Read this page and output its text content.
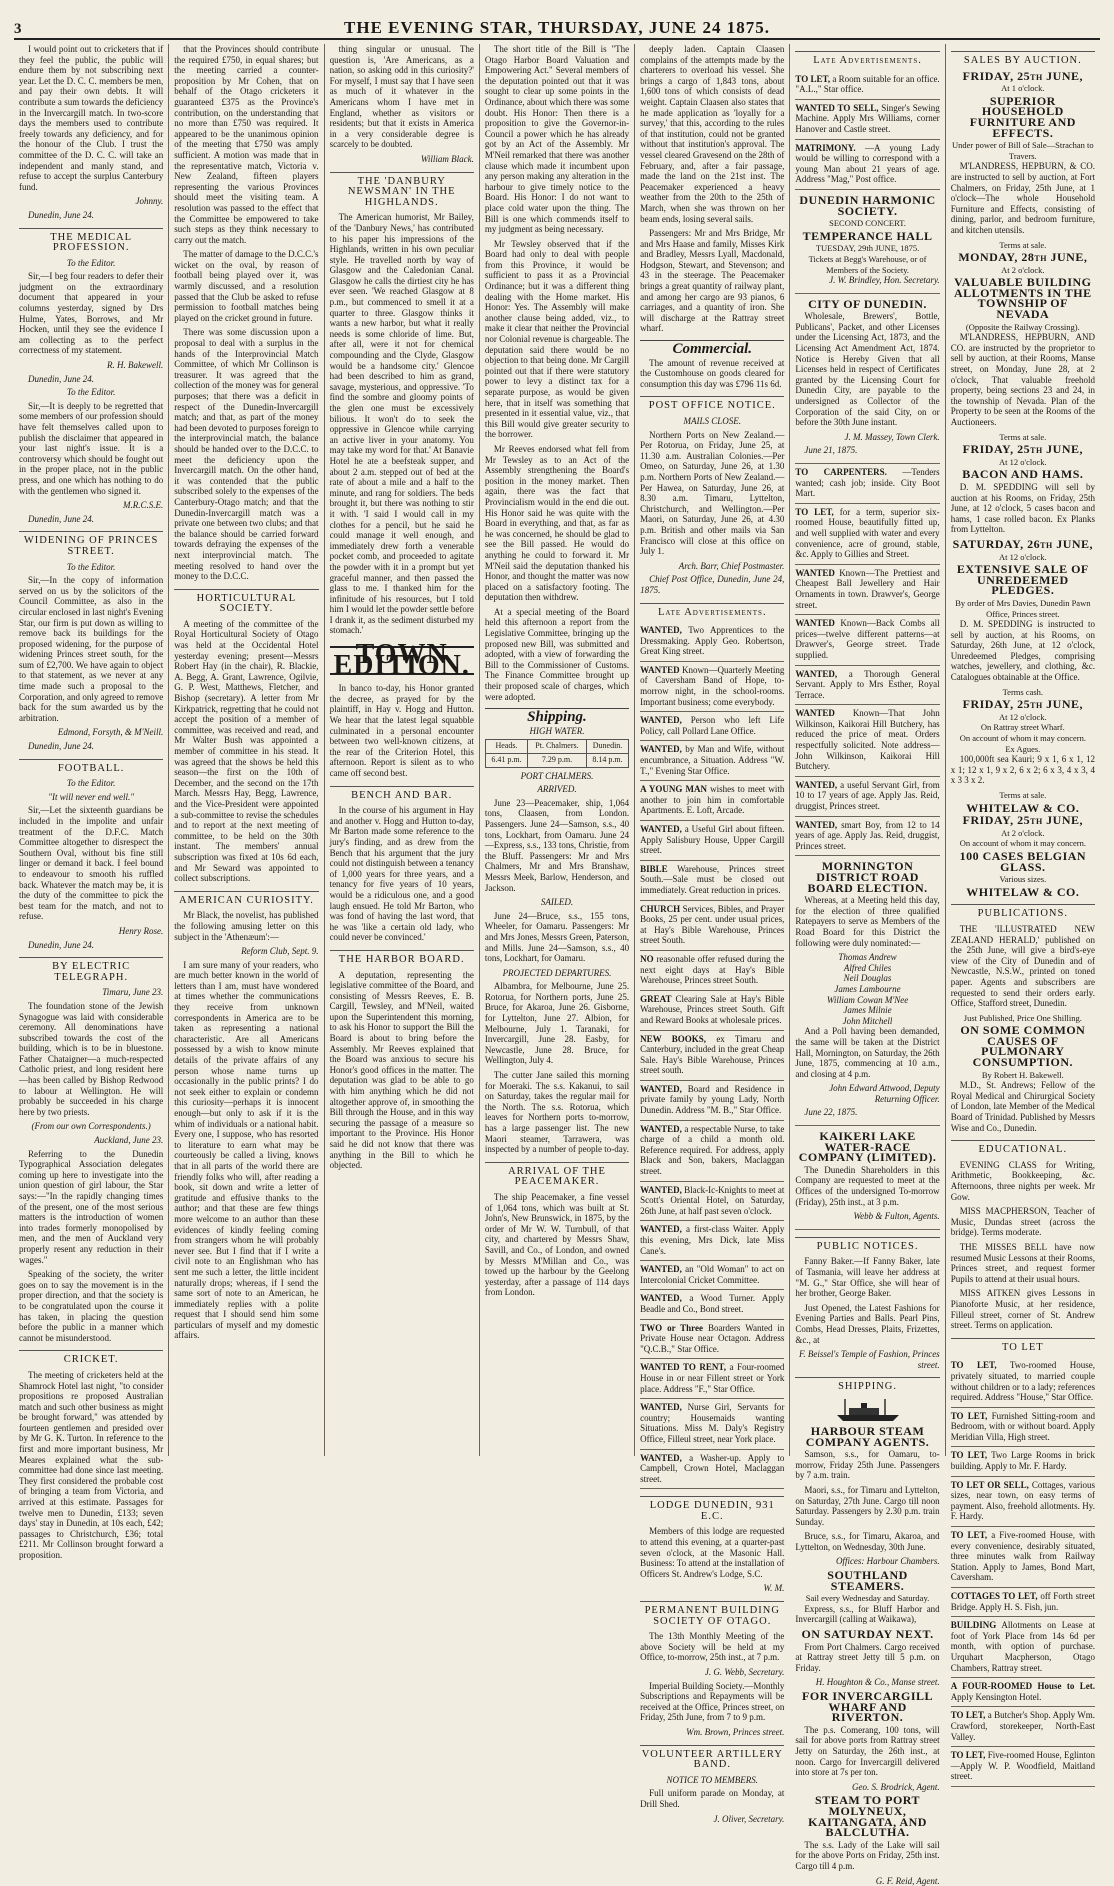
3	THE EVENING STAR, THURSDAY, JUNE 24 1875.

I would point out to cricketers that if they feel the public, the public will endure them by not subscribing next year. Let the D. C. C. members be men, and pay their own debts. It will contribute a sum towards the deficiency in the Invercargill match. In two-score days the members used to contribute freely towards any deficiency, and for the honour of the Club. I trust the committee of the D. C. C. will take an independent and manly stand, and refuse to accept the surplus Canterbury fund.

Johnny.
Dunedin, June 24.
THE MEDICAL PROFESSION.
To the Editor.

Sir,—I beg four readers to defer their judgment on the extraordinary document that appeared in your columns yesterday, signed by Drs Hulme, Yates, Borrows, and Mr Hocken, until they see the evidence I am collecting as to the perfect correctness of my statement.

R. H. Bakewell.
Dunedin, June 24.
To the Editor.

Sir,—It is deeply to be regretted that some members of our profession should have felt themselves called upon to publish the disclaimer that appeared in your last night's issue. It is a controversy which should be fought out in the proper place, not in the public press, and one which has nothing to do with the gentlemen who signed it.

M.R.C.S.E.
Dunedin, June 24.
WIDENING OF PRINCES STREET.
To the Editor.

Sir,—In the copy of information served on us by the solicitors of the Council Committee, as also in the circular enclosed in last night's Evening Star, our firm is put down as willing to remove back its buildings for the proposed widening, for the purpose of widening Princes street south, for the sum of £2,700. We have again to object to that statement, as we never at any time made such a proposal to the Corporation, and only agreed to remove back for the sum awarded us by the arbitration.

Edmond, Forsyth, & M'Neill.
Dunedin, June 24.
FOOTBALL.
To the Editor.
"It will never end well."

Sir,—Let the sixteenth guardians be included in the impolite and unfair treatment of the D.F.C. Match Committee altogether to disrespect the Southern Oval, without bis fine still linger or demand it back. I feel bound to endeavour to smooth his ruffled back. Whatever the match may be, it is the duty of the committee to pick the best team for the match, and not to refuse.

Henry Rose.
Dunedin, June 24.
BY ELECTRIC TELEGRAPH.
Timaru, June 23.

The foundation stone of the Jewish Synagogue was laid with considerable ceremony. All denominations have subscribed towards the cost of the building, which is to be in bluestone. Father Chataigner—a much-respected Catholic priest, and long resident here—has been called by Bishop Redwood to labour at Wellington. He will probably be succeeded in his charge here by two priests.

(From our own Correspondents.)
Auckland, June 23.

Referring to the Dunedin Typographical Association delegates coming up here to investigate into the union question of girl labour, the Star says:—"In the rapidly changing times of the present, one of the most serious matters is the introduction of women into trades formerly monopolised by men, and the men of Auckland very properly resent any reduction in their wages."

Speaking of the society, the writer goes on to say the movement is in the proper direction, and that the society is to be congratulated upon the course it has taken, in placing the question before the public in a manner which cannot be misunderstood.

CRICKET.

The meeting of cricketers held at the Shamrock Hotel last night, "to consider propositions re proposed Australian match and such other business as might be brought forward," was attended by fourteen gentlemen and presided over by Mr G. K. Turton. In reference to the first and more important business, Mr Meares explained what the sub-committee had done since last meeting. They first considered the probable cost of bringing a team from Victoria, and arrived at this estimate. Passages for twelve men to Dunedin, £133; seven days' stay in Dunedin, at 10s each, £42; passages to Christchurch, £36; total £211. Mr Collinson brought forward a proposition.

that the Provinces should contribute the required £750, in equal shares; but the meeting carried a counter-proposition by Mr Cohen, that on behalf of the Otago cricketers it guaranteed £375 as the Province's contribution, on the understanding that no more than £750 was required. It appeared to be the unanimous opinion of the meeting that £750 was amply sufficient. A motion was made that in the representative match, Victoria v. New Zealand, fifteen players representing the various Provinces should meet the visiting team. A resolution was passed to the effect that the Committee be empowered to take such steps as they think necessary to carry out the match.

The matter of damage to the D.C.C.'s wicket on the oval, by reason of football being played over it, was warmly discussed, and a resolution passed that the Club be asked to refuse permission to football matches being played on the cricket ground in future.

There was some discussion upon a proposal to deal with a surplus in the hands of the Interprovincial Match Committee, of which Mr Collinson is treasurer. It was agreed that the collection of the money was for general purposes; that there was a deficit in respect of the Dunedin-Invercargill match; and that, as part of the money had been devoted to purposes foreign to the interprovincial match, the balance should be handed over to the D.C.C. to meet the deficiency upon the Invercargill match. On the other hand, it was contended that the public subscribed solely to the expenses of the Canterbury-Otago match; and that the Dunedin-Invercargill match was a private one between two clubs; and that the balance should be carried forward towards defraying the expenses of the next interprovincial match. The meeting resolved to hand over the money to the D.C.C.

HORTICULTURAL SOCIETY.

A meeting of the committee of the Royal Horticultural Society of Otago was held at the Occidental Hotel yesterday evening; present—Messrs Robert Hay (in the chair), R. Blackie, A. Begg, A. Grant, Lawrence, Ogilvie, G. P. West, Matthews, Fletcher, and Bishop (secretary). A letter from Mr Kirkpatrick, regretting that he could not accept the position of a member of committee, was received and read, and Mr Walter Bush was appointed a member of committee in his stead. It was agreed that the shows be held this season—the first on the 10th of December, and the second on the 17th March. Messrs Hay, Begg, Lawrence, and the Vice-President were appointed a sub-committee to revise the schedules and to report at the next meeting of committee, to be held on the 30th instant. The members' annual subscription was fixed at 10s 6d each, and Mr Seward was appointed to collect subscriptions.

AMERICAN CURIOSITY.

Mr Black, the novelist, has published the following amusing letter on this subject in the 'Athenæum':—

Reform Club, Sept. 9.

I am sure many of your readers, who are much better known in the world of letters than I am, must have wondered at times whether the communications they receive from unknown correspondents in America are to be taken as representing a national characteristic. Are all Americans possessed by a wish to know minute details of the private affairs of any person whose name turns up occasionally in the public prints? I do not seek either to explain or condemn this curiosity—perhaps it is innocent enough—but only to ask if it is the whim of individuals or a national habit. Every one, I suppose, who has resorted to literature to earn what may be courteously be called a living, knows that in all parts of the world there are friendly folks who will, after reading a book, sit down and write a letter of gratitude and effusive thanks to the author; and that these are few things more welcome to an author than these evidences of kindly feeling coming from strangers whom he will probably never see. But I find that if I write a civil note to an Englishman who has sent me such a letter, the little incident naturally drops; whereas, if I send the same sort of note to an American, he immediately replies with a polite request that I should send him some particulars of myself and my domestic affairs.

thing singular or unusual. The question is, 'Are Americans, as a nation, so asking odd in this curiosity?' For myself, I must say that I have seen as much of it whatever in the Americans whom I have met in England, whether as visitors or residents; but that it exists in America in a very considerable degree is scarcely to be doubted.

William Black.
THE 'DANBURY NEWSMAN' IN THE HIGHLANDS.

The American humorist, Mr Bailey, of the 'Danbury News,' has contributed to his paper his impressions of the Highlands, written in his own peculiar style. He travelled north by way of Glasgow and the Caledonian Canal. Glasgow he calls the dirtiest city he has ever seen. 'We reached Glasgow at 8 p.m., but commenced to smell it at a quarter to three. Glasgow thinks it wants a new harbor, but what it really needs is some chloride of lime. But, after all, were it not for chemical compounding and the Clyde, Glasgow would be a handsome city.' Glencoe had been described to him as grand, savage, mysterious, and oppressive. 'To find the sombre and gloomy points of the glen one must be excessively bilious. It won't do to seek the oppressive in Glencoe while carrying an active liver in your anatomy. You may take my word for that.' At Banavie Hotel he ate a beefsteak supper, and about 2 a.m. stepped out of bed at the rate of about a mile and a half to the minute, and rang for soldiers. The beds brought it, but there was nothing to stir it with. 'I said I would call in my clothes for a pencil, but he said he could manage it well enough, and immediately drew forth a venerable pocket comb, and proceeded to agitate the powder with it in a prompt but yet graceful manner, and then passed the glass to me. I thanked him for the infinitude of his resources, but I told him I would let the powder settle before I drank it, as the sediment disturbed my stomach.'

TOWN EDITION.

In banco to-day, his Honor granted the decree, as prayed for by the plaintiff, in Hay v. Hogg and Hutton. We hear that the latest legal squabble culminated in a personal encounter between two well-known citizens, at the rear of the Criterion Hotel, this afternoon. Report is silent as to who came off second best.

BENCH AND BAR.

In the course of his argument in Hay and another v. Hogg and Hutton to-day, Mr Barton made some reference to the jury's finding, and as drew from the Bench that his argument that the jury could not distinguish between a tenancy of 1,000 years for three years, and a tenancy for five years of 10 years, would be a ridiculous one, and a good laugh ensued. He told Mr Barton, who was fond of having the last word, that he was 'like a certain old lady, who could never be convinced.'

THE HARBOR BOARD.

A deputation, representing the legislative committee of the Board, and consisting of Messrs Reeves, E. B. Cargill, Tewsley, and M'Neil, waited upon the Superintendent this morning, to ask his Honor to support the Bill the Board is about to bring before the Assembly. Mr Reeves explained that the Board was anxious to secure his Honor's good offices in the matter. The deputation was glad to be able to go with him anything which he did not altogether approve of, in smoothing the Bill through the House, and in this way securing the passage of a measure so important to the Province. His Honor said he did not know that there was anything in the Bill to which he objected.

The short title of the Bill is "The Otago Harbor Board Valuation and Empowering Act." Several members of the deputation pointed out that it was sought to clear up some points in the Ordinance, about which there was some doubt. His Honor: Then there is a proposition to give the Governor-in-Council a power which he has already got by an Act of the Assembly. Mr M'Neil remarked that there was another clause which made it incumbent upon any person making any alteration in the harbour to give timely notice to the Board. His Honor: I do not want to place cold water upon the thing. The Bill is one which commends itself to my judgment as being necessary.

Mr Tewsley observed that if the Board had only to deal with people from this Province, it would be sufficient to pass it as a Provincial Ordinance; but it was a different thing dealing with the Home market. His Honor: Yes. The Assembly will make another clause being added, viz., to make it clear that neither the Provincial nor Colonial revenue is chargeable. The deputation said there would be no objection to that being done. Mr Cargill pointed out that if there were statutory power to levy a distinct tax for a separate purpose, as would be given here, that in itself was something that presented in it essential value, viz., that this Bill would give greater security to the borrower.

Mr Reeves endorsed what fell from Mr Tewsley as to an Act of the Assembly strengthening the Board's position in the money market. Then again, there was the fact that Provincialism would in the end die out. His Honor said he was quite with the Board in everything, and that, as far as he was concerned, he should be glad to see the Bill passed. He would do anything he could to forward it. Mr M'Neil said the deputation thanked his Honor, and thought the matter was now placed on a satisfactory footing. The deputation then withdrew.

At a special meeting of the Board held this afternoon a report from the Legislative Committee, bringing up the proposed new Bill, was submitted and adopted, with a view of forwarding the Bill to the Commissioner of Customs. The Finance Committee brought up their proposed scale of charges, which were adopted.

Shipping.
HIGH WATER.
Heads.	Pt. Chalmers.	Dunedin.
6.41 p.m.	7.29 p.m.	8.14 p.m.
PORT CHALMERS.
ARRIVED.

June 23—Peacemaker, ship, 1,064 tons, Claasen, from London. Passengers. June 24—Samson, s.s., 40 tons, Lockhart, from Oamaru. June 24—Express, s.s., 133 tons, Christie, from the Bluff. Passengers: Mr and Mrs Chalmers, Mr and Mrs Branshaw, Messrs Meek, Barlow, Henderson, and Jackson.

SAILED.

June 24—Bruce, s.s., 155 tons, Wheeler, for Oamaru. Passengers: Mr and Mrs Jones, Messrs Green, Paterson, and Mills. June 24—Samson, s.s., 40 tons, Lockhart, for Oamaru.

PROJECTED DEPARTURES.

Albambra, for Melbourne, June 25. Rotorua, for Northern ports, June 25. Bruce, for Akaroa, June 26. Gisborne, for Lyttelton, June 27. Albion, for Melbourne, July 1. Taranaki, for Invercargill, June 28. Easby, for Newcastle, June 28. Bruce, for Wellington, July 4.

The cutter Jane sailed this morning for Moeraki. The s.s. Kakanui, to sail on Saturday, takes the regular mail for the North. The s.s. Rotorua, which leaves for Northern ports to-morrow, has a large passenger list. The new Maori steamer, Tarrawera, was inspected by a number of people to-day.

ARRIVAL OF THE PEACEMAKER.

The ship Peacemaker, a fine vessel of 1,064 tons, which was built at St. John's, New Brunswick, in 1875, by the order of Mr W. W. Turnbull, of that city, and chartered by Messrs Shaw, Savill, and Co., of London, and owned by Messrs M'Millan and Co., was towed up the harbour by the Geelong yesterday, after a passage of 114 days from London.

deeply laden. Captain Claasen complains of the attempts made by the charterers to overload his vessel. She brings a cargo of 1,843 tons, about 1,600 tons of which consists of dead weight. Captain Claasen also states that he made application as 'loyally for a survey,' that this, according to the rules of that institution, could not be granted without that institution's approval. The vessel cleared Gravesend on the 28th of February, and, after a fair passage, made the land on the 21st inst. The Peacemaker experienced a heavy weather from the 20th to the 25th of March, when she was thrown on her beam ends, losing several sails.

Passengers: Mr and Mrs Bridge, Mr and Mrs Haase and family, Misses Kirk and Bradley, Messrs Lyall, Macdonald, Hodgson, Stewart, and Stevenson; and 43 in the steerage. The Peacemaker brings a great quantity of railway plant, and among her cargo are 93 pianos, 6 carriages, and a quantity of iron. She will discharge at the Rattray street wharf.

Commercial.

The amount of revenue received at the Customhouse on goods cleared for consumption this day was £796 11s 6d.

POST OFFICE NOTICE.
MAILS CLOSE.

Northern Ports on New Zealand.—Per Rotorua, on Friday, June 25, at 11.30 a.m. Australian Colonies.—Per Omeo, on Saturday, June 26, at 1.30 p.m. Northern Ports of New Zealand.—Per Hawea, on Saturday, June 26, at 8.30 a.m. Timaru, Lyttelton, Christchurch, and Wellington.—Per Maori, on Saturday, June 26, at 4.30 p.m. British and other mails via San Francisco will close at this office on July 1.

Arch. Barr, Chief Postmaster.
Chief Post Office, Dunedin, June 24, 1875.
Late Advertisements.
WANTED, Two Apprentices to the Dressmaking. Apply Geo. Robertson, Great King street.
WANTED Known—Quarterly Meeting of Caversham Band of Hope, to-morrow night, in the school-rooms. Important business; come everybody.
WANTED, Person who left Life Policy, call Pollard Lane Office.
WANTED, by Man and Wife, without encumbrance, a Situation. Address "W. T.," Evening Star Office.
A YOUNG MAN wishes to meet with another to join him in comfortable Apartments. E. Loft, Arcade.
WANTED, a Useful Girl about fifteen. Apply Salisbury House, Upper Cargill street.
BIBLE Warehouse, Princes street South.—Sale must be closed out immediately. Great reduction in prices.
CHURCH Services, Bibles, and Prayer Books, 25 per cent. under usual prices, at Hay's Bible Warehouse, Princes street South.
NO reasonable offer refused during the next eight days at Hay's Bible Warehouse, Princes street South.
GREAT Clearing Sale at Hay's Bible Warehouse, Princes street South. Gift and Reward Books at wholesale prices.
NEW BOOKS, ex Timaru and Canterbury, included in the great Cheap Sale. Hay's Bible Warehouse, Princes street south.
WANTED, Board and Residence in private family by young Lady, North Dunedin. Address "M. B.," Star Office.
WANTED, a respectable Nurse, to take charge of a child a month old. Reference required. For address, apply Black and Son, bakers, Maclaggan street.
WANTED, Black-Ic-Knights to meet at Scott's Oriental Hotel, on Saturday, 26th June, at half past seven o'clock.
WANTED, a first-class Waiter. Apply this evening, Mrs Dick, late Miss Cane's.
WANTED, an "Old Woman" to act on Intercolonial Cricket Committee.
WANTED, a Wood Turner. Apply Beadle and Co., Bond street.
TWO or Three Boarders Wanted in Private House near Octagon. Address "Q.C.B.," Star Office.
WANTED TO RENT, a Four-roomed House in or near Fillent street or York place. Address "F.," Star Office.
WANTED, Nurse Girl, Servants for country; Housemaids wanting Situations. Miss M. Daly's Registry Office, Filleul street, near York place.
WANTED, a Washer-up. Apply to Campbell, Crown Hotel, Maclaggan street.
LODGE DUNEDIN, 931 E.C.

Members of this lodge are requested to attend this evening, at a quarter-past seven o'clock, at the Masonic Hall. Business: To attend at the installation of Officers St. Andrew's Lodge, S.C.

W. M.
PERMANENT BUILDING SOCIETY OF OTAGO.

The 13th Monthly Meeting of the above Society will be held at my Office, to-morrow, 25th inst., at 7 p.m.

J. G. Webb, Secretary.

Imperial Building Society.—Monthly Subscriptions and Repayments will be received at the Office, Princes street, on Friday, 25th June, from 7 to 9 p.m.

Wm. Brown, Princes street.
VOLUNTEER ARTILLERY BAND.
NOTICE TO MEMBERS.

Full uniform parade on Monday, at Drill Shed.

J. Oliver, Secretary.
Late Advertisements.
TO LET, a Room suitable for an office. "A.L.," Star office.
WANTED TO SELL, Singer's Sewing Machine. Apply Mrs Williams, corner Hanover and Castle street.
MATRIMONY. —A young Lady would be willing to correspond with a young Man about 21 years of age. Address "Mag," Post office.
DUNEDIN HARMONIC SOCIETY.
SECOND CONCERT.
TEMPERANCE HALL
TUESDAY, 29th JUNE, 1875.
Tickets at Begg's Warehouse, or of Members of the Society.
J. W. Brindley, Hon. Secretary.
CITY OF DUNEDIN.

Wholesale, Brewers', Bottle, Publicans', Packet, and other Licenses under the Licensing Act, 1873, and the Licensing Act Amendment Act, 1874. Notice is Hereby Given that all Licenses held in respect of Certificates granted by the Licensing Court for Dunedin City, are payable to the undersigned as Collector of the Corporation of the said City, on or before the 30th June instant.

J. M. Massey, Town Clerk.
June 21, 1875.
TO CARPENTERS. —Tenders wanted; cash job; inside. City Boot Mart.
TO LET, for a term, superior six-roomed House, beautifully fitted up, and well supplied with water and every convenience, acre of ground, stable, &c. Apply to Gillies and Street.
WANTED Known—The Prettiest and Cheapest Ball Jewellery and Hair Ornaments in town. Drawver's, George street.
WANTED Known—Back Combs all prices—twelve different patterns—at Drawver's, George street. Trade supplied.
WANTED, a Thorough General Servant. Apply to Mrs Esther, Royal Terrace.
WANTED Known—That John Wilkinson, Kaikorai Hill Butchery, has reduced the price of meat. Orders respectfully solicited. Note address—John Wilkinson, Kaikorai Hill Butchery.
WANTED, a useful Servant Girl, from 10 to 17 years of age. Apply Jas. Reid, druggist, Princes street.
WANTED, smart Boy, from 12 to 14 years of age. Apply Jas. Reid, druggist, Princes street.
MORNINGTON DISTRICT ROAD BOARD ELECTION.

Whereas, at a Meeting held this day, for the election of three qualified Ratepayers to serve as Members of the Road Board for this District the following were duly nominated:—

Thomas Andrew
Alfred Chiles
Neil Douglas
James Lambourne
William Cowan M'Nee
James Milnie
John Mitchell

And a Poll having been demanded, the same will be taken at the District Hall, Mornington, on Saturday, the 26th June, 1875, commencing at 10 a.m., and closing at 4 p.m.

John Edward Attwood, Deputy Returning Officer.
June 22, 1875.
KAIKERI LAKE WATER-RACE COMPANY (LIMITED).

The Dunedin Shareholders in this Company are requested to meet at the Offices of the undersigned To-morrow (Friday), 25th inst., at 3 p.m.

Webb & Fulton, Agents.
PUBLIC NOTICES.

Fanny Baker.—If Fanny Baker, late of Tasmania, will leave her address at "M. G.," Star Office, she will hear of her brother, George Baker.

Just Opened, the Latest Fashions for Evening Parties and Balls. Pearl Pins, Combs, Head Dresses, Plaits, Frizettes, &c., at

F. Beissel's Temple of Fashion, Princes street.
SHIPPING.
HARBOUR STEAM COMPANY AGENTS.

Samson, s.s., for Oamaru, to-morrow, Friday 25th June. Passengers by 7 a.m. train.

Maori, s.s., for Timaru and Lyttelton, on Saturday, 27th June. Cargo till noon Saturday. Passengers by 2.30 p.m. train Sunday.

Bruce, s.s., for Timaru, Akaroa, and Lyttelton, on Wednesday, 30th June.

Offices: Harbour Chambers.
SOUTHLAND STEAMERS.
Sail every Wednesday and Saturday.

Express, s.s., for Bluff Harbor and Invercargill (calling at Waikawa),

ON SATURDAY NEXT.

From Port Chalmers. Cargo received at Rattray street Jetty till 5 p.m. on Friday.

H. Houghton & Co., Manse street.
FOR INVERCARGILL WHARF AND RIVERTON.

The p.s. Comerang, 100 tons, will sail for above ports from Rattray street Jetty on Saturday, the 26th inst., at noon. Cargo for Invercargill delivered into store at 7s per ton.

Geo. S. Brodrick, Agent.
STEAM TO PORT MOLYNEUX, KAITANGATA, AND BALCLUTHA.

The s.s. Lady of the Lake will sail for the above Ports on Friday, 25th inst. Cargo till 4 p.m.

G. F. Reid, Agent.
SALES BY AUCTION.
FRIDAY, 25th JUNE,
At 1 o'clock.
SUPERIOR HOUSEHOLD FURNITURE AND EFFECTS.
Under power of Bill of Sale—Strachan to Travers.

M'LANDRESS, HEPBURN, & CO. are instructed to sell by auction, at Fort Chalmers, on Friday, 25th June, at 1 o'clock—The whole Household Furniture and Effects, consisting of dining, parlor, and bedroom furniture, and kitchen utensils.

Terms at sale.
MONDAY, 28th JUNE,
At 2 o'clock.
VALUABLE BUILDING ALLOTMENTS IN THE TOWNSHIP OF NEVADA
(Opposite the Railway Crossing).

M'LANDRESS, HEPBURN, AND CO. are instructed by the proprietor to sell by auction, at their Rooms, Manse street, on Monday, June 28, at 2 o'clock, That valuable freehold property, being sections 23 and 24, in the township of Nevada. Plan of the Property to be seen at the Rooms of the Auctioneers.

Terms at sale.
FRIDAY, 25th JUNE,
At 12 o'clock.
BACON AND HAMS.

D. M. SPEDDING will sell by auction at his Rooms, on Friday, 25th June, at 12 o'clock, 5 cases bacon and hams, 1 case rolled bacon. Ex Planks from Lyttelton.

SATURDAY, 26th JUNE,
At 12 o'clock.
EXTENSIVE SALE OF UNREDEEMED PLEDGES.
By order of Mrs Davies, Dunedin Pawn Office, Princes street.

D. M. SPEDDING is instructed to sell by auction, at his Rooms, on Saturday, 26th June, at 12 o'clock, Unredeemed Pledges, comprising watches, jewellery, and clothing, &c. Catalogues obtainable at the Office.

Terms cash.
FRIDAY, 25th JUNE,
At 12 o'clock.
On Rattray street Wharf.
On account of whom it may concern.
Ex Agues.

100,000ft sea Kauri; 9 x 1, 6 x 1, 12 x 1; 12 x 1, 9 x 2, 6 x 2; 6 x 3, 4 x 3, 4 x 3 3 x 2.

Terms at sale.
WHITELAW & CO.
FRIDAY, 25th JUNE,
At 2 o'clock.
On account of whom it may concern.
100 CASES BELGIAN GLASS.
Various sizes.
WHITELAW & CO.
PUBLICATIONS.

THE 'ILLUSTRATED NEW ZEALAND HERALD,' published on the 25th June, will give a bird's-eye view of the City of Dunedin and of Newcastle, N.S.W., printed on toned paper. Agents and subscribers are requested to send their orders early. Office, Stafford street, Dunedin.

Just Published, Price One Shilling.
ON SOME COMMON CAUSES OF PULMONARY CONSUMPTION.
By Robert H. Bakewell.

M.D., St. Andrews; Fellow of the Royal Medical and Chirurgical Society of London, late Member of the Medical Board of Trinidad. Published by Messrs Wise and Co., Dunedin.

EDUCATIONAL.

EVENING CLASS for Writing, Arithmetic, Bookkeeping, &c. Afternoons, three nights per week. Mr Gow.

MISS MACPHERSON, Teacher of Music, Dundas street (across the bridge). Terms moderate.

THE MISSES BELL have now resumed Music Lessons at their Rooms, Princes street, and request former Pupils to attend at their usual hours.

MISS AITKEN gives Lessons in Pianoforte Music, at her residence, Filleul street, corner of St. Andrew street. Terms on application.

TO LET
TO LET, Two-roomed House, privately situated, to married couple without children or to a lady; references required. Address "House," Star Office.
TO LET, Furnished Sitting-room and Bedroom, with or without board. Apply Meridian Villa, High street.
TO LET, Two Large Rooms in brick building. Apply to Mr. F. Hardy.
TO LET OR SELL, Cottages, various sizes, near town, on easy terms of payment. Also, freehold allotments. Hy. F. Hardy.
TO LET, a Five-roomed House, with every convenience, desirably situated, three minutes walk from Railway Station. Apply to James, Bond Mart, Caversham.
COTTAGES TO LET, off Forth street Bridge. Apply H. S. Fish, jun.
BUILDING Allotments on Lease at foot of York Place from 14s 6d per month, with option of purchase. Urquhart Macpherson, Otago Chambers, Rattray street.
A FOUR-ROOMED House to Let. Apply Kensington Hotel.
TO LET, a Butcher's Shop. Apply Wm. Crawford, storekeeper, North-East Valley.
TO LET, Five-roomed House, Eglinton—Apply W. P. Woodfield, Maitland street.
